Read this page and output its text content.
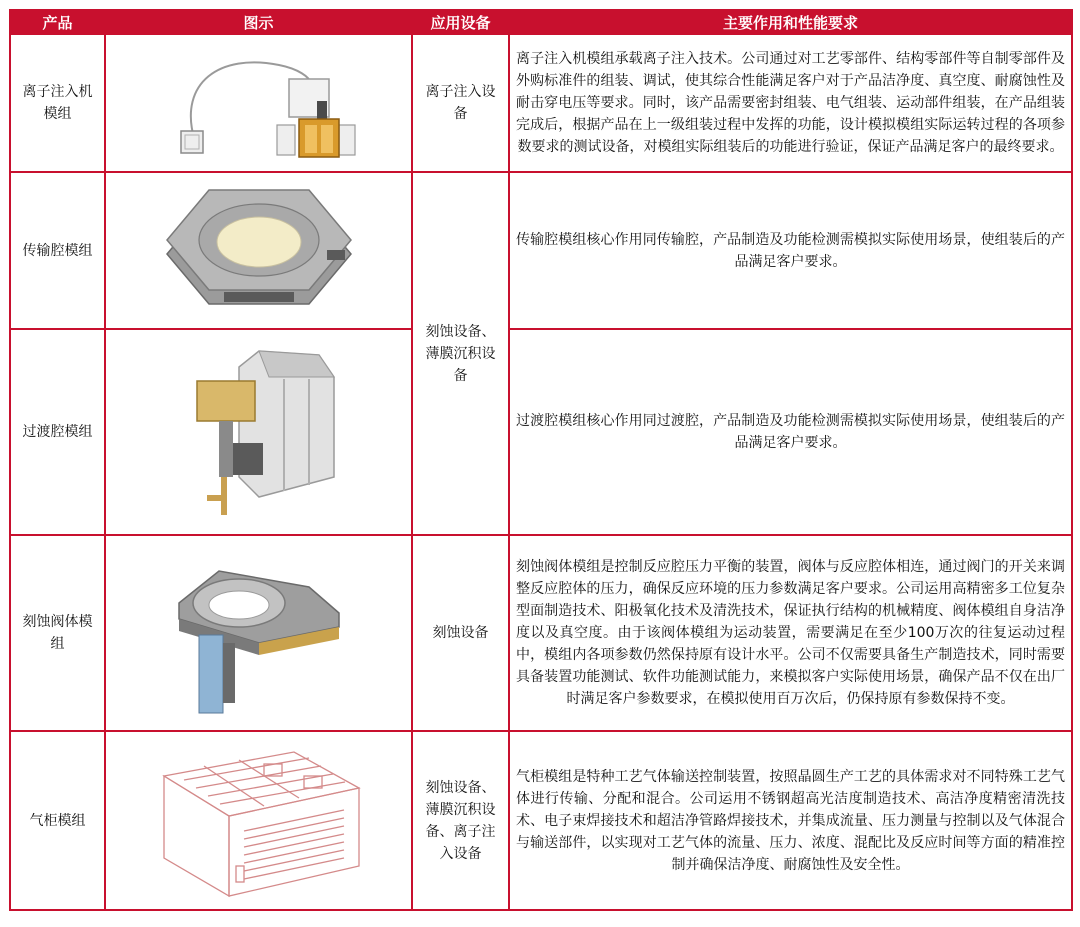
产品	图示	应用设备	主要作用和性能要求
离子注入机模组		离子注入设备	离子注入机模组承载离子注入技术。公司通过对工艺零部件、结构零部件等自制零部件及外购标准件的组装、调试，使其综合性能满足客户对于产品洁净度、真空度、耐腐蚀性及耐击穿电压等要求。同时，该产品需要密封组装、电气组装、运动部件组装，在产品组装完成后，根据产品在上一级组装过程中发挥的功能，设计模拟模组实际运转过程的各项参数要求的测试设备，对模组实际组装后的功能进行验证，保证产品满足客户的最终要求。
传输腔模组		刻蚀设备、薄膜沉积设备	传输腔模组核心作用同传输腔，产品制造及功能检测需模拟实际使用场景，使组装后的产品满足客户要求。
过渡腔模组			过渡腔模组核心作用同过渡腔，产品制造及功能检测需模拟实际使用场景，使组装后的产品满足客户要求。
刻蚀阀体模组		刻蚀设备	刻蚀阀体模组是控制反应腔压力平衡的装置，阀体与反应腔体相连，通过阀门的开关来调整反应腔体的压力，确保反应环境的压力参数满足客户要求。公司运用高精密多工位复杂型面制造技术、阳极氧化技术及清洗技术，保证执行结构的机械精度、阀体模组自身洁净度以及真空度。由于该阀体模组为运动装置，需要满足在至少100万次的往复运动过程中，模组内各项参数仍然保持原有设计水平。公司不仅需要具备生产制造技术，同时需要具备装置功能测试、软件功能测试能力，来模拟客户实际使用场景，确保产品不仅在出厂时满足客户参数要求，在模拟使用百万次后，仍保持原有参数保持不变。
气柜模组		刻蚀设备、薄膜沉积设备、离子注入设备	气柜模组是特种工艺气体输送控制装置，按照晶圆生产工艺的具体需求对不同特殊工艺气体进行传输、分配和混合。公司运用不锈钢超高光洁度制造技术、高洁净度精密清洗技术、电子束焊接技术和超洁净管路焊接技术，并集成流量、压力测量与控制以及气体混合与输送部件，以实现对工艺气体的流量、压力、浓度、混配比及反应时间等方面的精准控制并确保洁净度、耐腐蚀性及安全性。
